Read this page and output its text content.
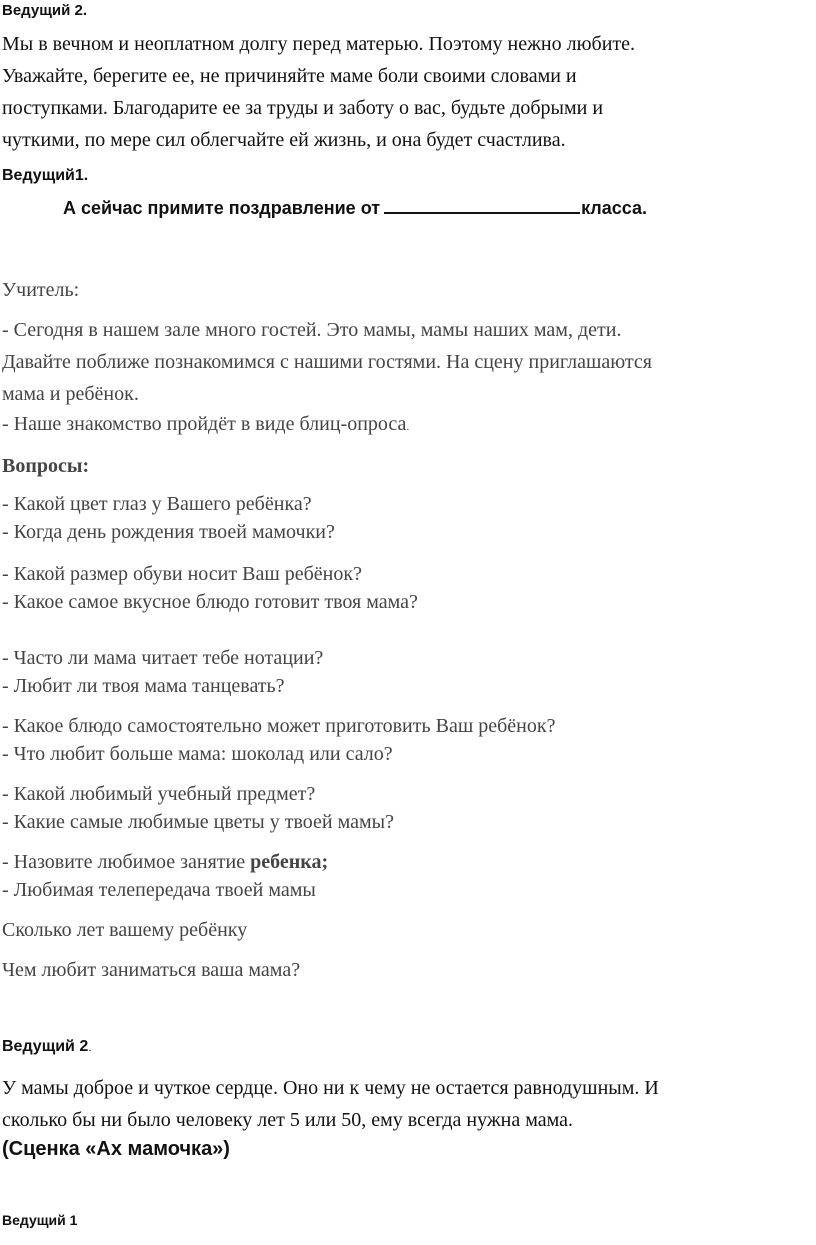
Ведущий 2.
Мы в вечном и неоплатном долгу перед матерью. Поэтому нежно любите.
Уважайте, берегите ее, не причиняйте маме боли своими словами и
поступками. Благодарите ее за труды и заботу о вас, будьте добрыми и
чуткими, по мере сил облегчайте ей жизнь, и она будет счастлива.
Ведущий1.
А сейчас примите поздравление от	класса.
Учитель:
- Сегодня в нашем зале много гостей. Это мамы, мамы наших мам, дети.
Давайте поближе познакомимся с нашими гостями. На сцену приглашаются
мама и ребёнок.
- Наше знакомство пройдёт в виде блиц-опроса.
Вопросы:
- Какой цвет глаз у Вашего ребёнка?
- Когда день рождения твоей мамочки?
- Какой размер обуви носит Ваш ребёнок?
- Какое самое вкусное блюдо готовит твоя мама?
- Часто ли мама читает тебе нотации?
- Любит ли твоя мама танцевать?
- Какое блюдо самостоятельно может приготовить Ваш ребёнок?
- Что любит больше мама: шоколад или сало?
- Какой любимый учебный предмет?
- Какие самые любимые цветы у твоей мамы?
- Назовите любимое занятие ребенка;
- Любимая телепередача твоей мамы
Сколько лет вашему ребёнку
Чем любит заниматься ваша мама?
Ведущий 2.
У мамы доброе и чуткое сердце. Оно ни к чему не остается равнодушным. И
сколько бы ни было человеку лет 5 или 50, ему всегда нужна мама.
(Сценка «Ах мамочка»)
Ведущий 1
